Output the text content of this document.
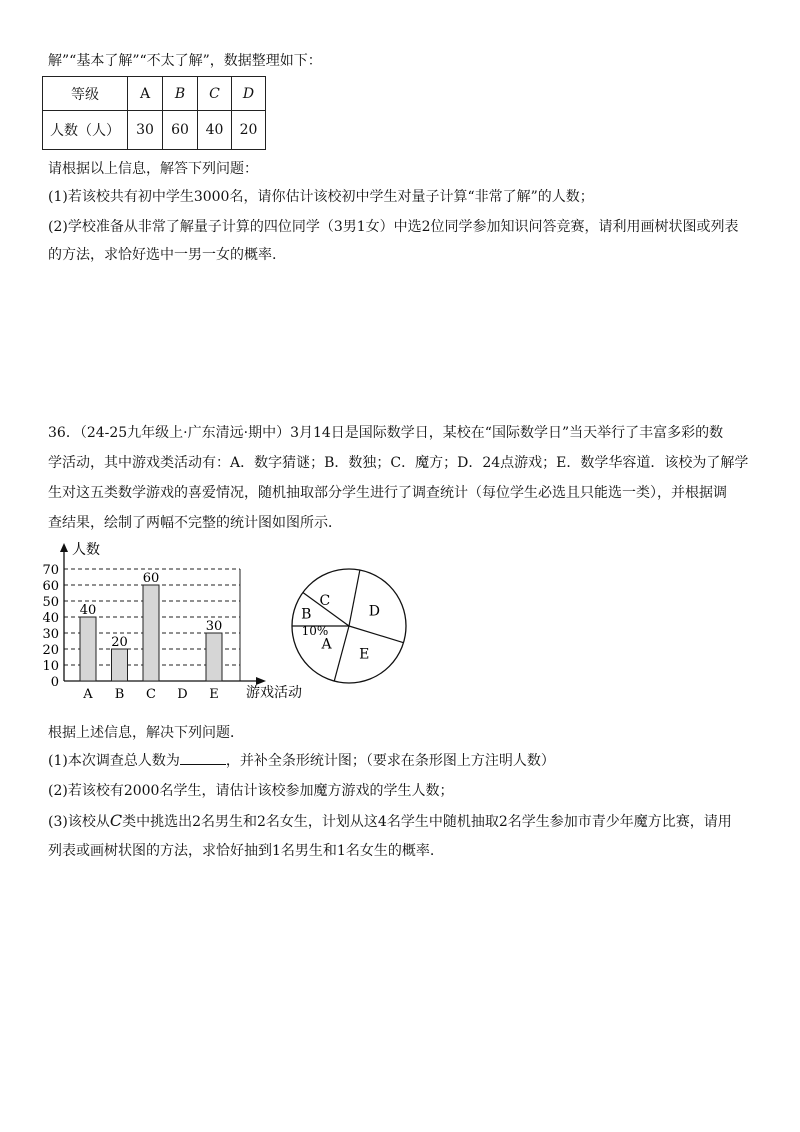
解”“基本了解”“不太了解”，数据整理如下：
等级	A	B	C	D
人数（人）	30	60	40	20
请根据以上信息，解答下列问题：
(1)若该校共有初中学生3000名，请你估计该校初中学生对量子计算“非常了解”的人数；
(2)学校准备从非常了解量子计算的四位同学（3男1女）中选2位同学参加知识问答竞赛，请利用画树状图或列表
的方法，求恰好选中一男一女的概率.
36．（24-25九年级上·广东清远·期中）3月14日是国际数学日，某校在“国际数学日”当天举行了丰富多彩的数
学活动，其中游戏类活动有：A．数字猜谜；B．数独；C．魔方；D．24点游戏；E．数学华容道．该校为了解学
生对这五类数学游戏的喜爱情况，随机抽取部分学生进行了调查统计（每位学生必选且只能选一类），并根据调
查结果，绘制了两幅不完整的统计图如图所示．
人数
游戏活动
0
10
20
30
40
50
60
70
A
40
B
20
C
60
D E
30
C
D
E
A
B
10%
根据上述信息，解决下列问题．
(1)本次调查总人数为	，并补全条形统计图；（要求在条形图上方注明人数）
(2)若该校有2000名学生，请估计该校参加魔方游戏的学生人数；
(3)该校从C类中挑选出2名男生和2名女生，计划从这4名学生中随机抽取2名学生参加市青少年魔方比赛，请用
列表或画树状图的方法，求恰好抽到1名男生和1名女生的概率.
